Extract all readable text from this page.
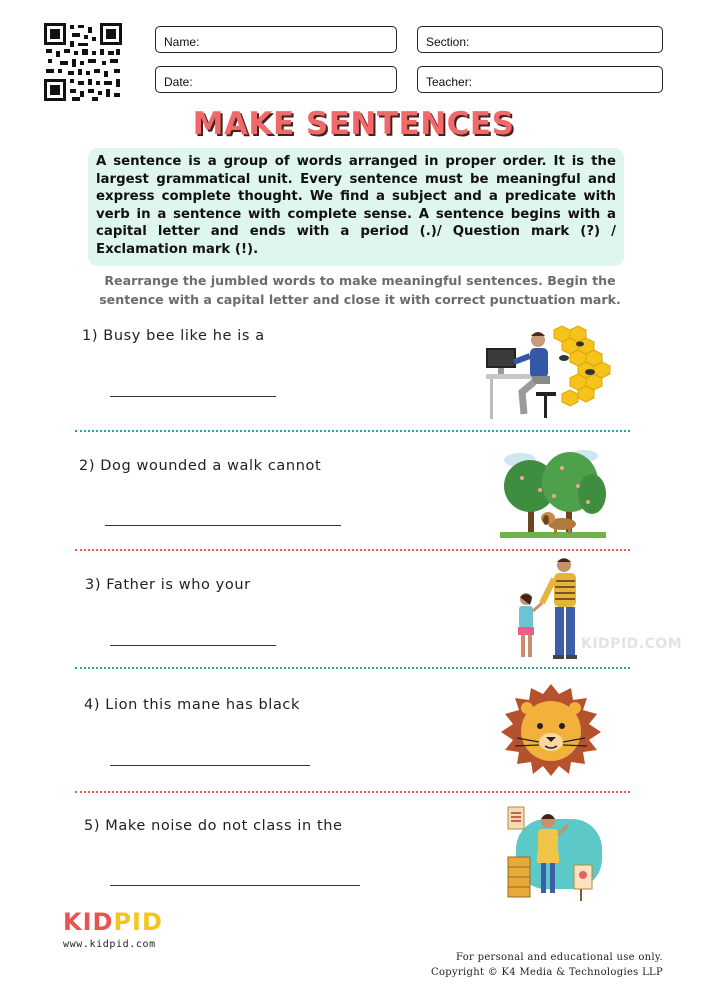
Name:	Section:
Date:	Teacher:
MAKE SENTENCES

A sentence is a group of words arranged in proper order. It is the largest grammatical unit. Every sentence must be meaningful and express complete thought. We find a subject and a predicate with verb in a sentence with complete sense. A sentence begins with a capital letter and ends with a period (.)/ Question mark (?) / Exclamation mark (!).

Rearrange the jumbled words to make meaningful sentences. Begin the sentence with a capital letter and close it with correct punctuation mark.
1) Busy bee like he is a
2) Dog wounded a walk cannot
3) Father is who your
KIDPID.COM
4) Lion this mane has black
5) Make noise do not class in the
KIDPID
www.kidpid.com
For personal and educational use only.
Copyright © K4 Media & Technologies LLP
